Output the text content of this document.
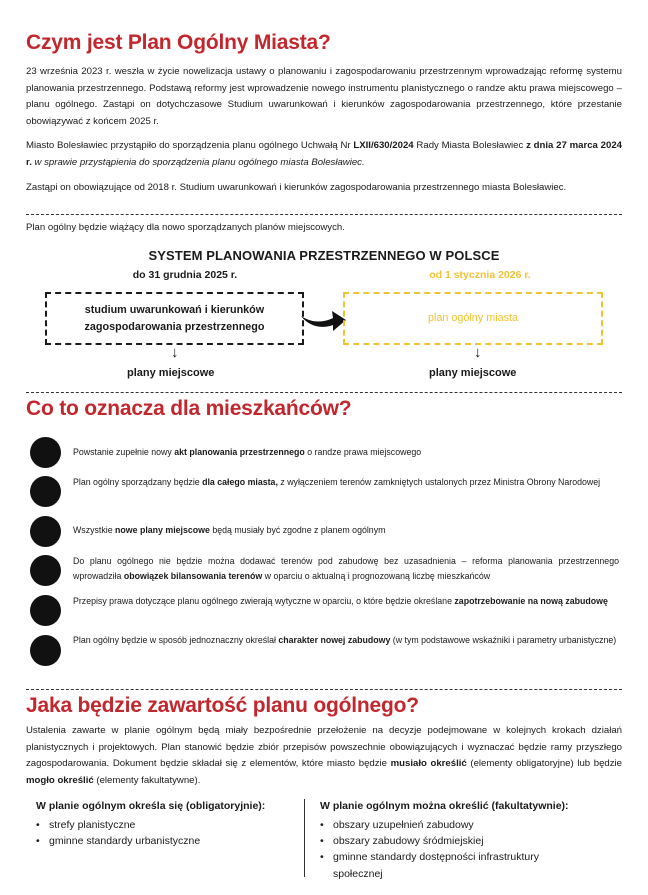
Czym jest Plan Ogólny Miasta?
23 września 2023 r. weszła w życie nowelizacja ustawy o planowaniu i zagospodarowaniu przestrzennym wprowadzając reformę systemu planowania przestrzennego. Podstawą reformy jest wprowadzenie nowego instrumentu planistycznego o randze aktu prawa miejscowego – planu ogólnego. Zastąpi on dotychczasowe Studium uwarunkowań i kierunków zagospodarowania przestrzennego, które przestanie obowiązywać z końcem 2025 r.
Miasto Bolesławiec przystąpiło do sporządzenia planu ogólnego Uchwałą Nr LXII/630/2024 Rady Miasta Bolesławiec z dnia 27 marca 2024 r. w sprawie przystąpienia do sporządzenia planu ogólnego miasta Bolesławiec.
Zastąpi on obowiązujące od 2018 r. Studium uwarunkowań i kierunków zagospodarowania przestrzennego miasta Bolesławiec.
Plan ogólny będzie wiążący dla nowo sporządzanych planów miejscowych.
SYSTEM PLANOWANIA PRZESTRZENNEGO W POLSCE
do 31 grudnia 2025 r.	od 1 stycznia 2026 r.
studium uwarunkowań i kierunków
zagospodarowania przestrzennego
plan ogólny miasta
↓	↓
plany miejscowe	plany miejscowe
Co to oznacza dla mieszkańców?
Powstanie zupełnie nowy akt planowania przestrzennego o randze prawa miejscowego
Plan ogólny sporządzany będzie dla całego miasta, z wyłączeniem terenów zamkniętych ustalonych przez Ministra Obrony Narodowej
Wszystkie nowe plany miejscowe będą musiały być zgodne z planem ogólnym
Do planu ogólnego nie będzie można dodawać terenów pod zabudowę bez uzasadnienia – reforma planowania przestrzennego wprowadziła obowiązek bilansowania terenów w oparciu o aktualną i prognozowaną liczbę mieszkańców
Przepisy prawa dotyczące planu ogólnego zwierają wytyczne w oparciu, o które będzie określane zapotrzebowanie na nową zabudowę
Plan ogólny będzie w sposób jednoznaczny określał charakter nowej zabudowy (w tym podstawowe wskaźniki i parametry urbanistyczne)
Jaka będzie zawartość planu ogólnego?
Ustalenia zawarte w planie ogólnym będą miały bezpośrednie przełożenie na decyzje podejmowane w kolejnych krokach działań planistycznych i projektowych. Plan stanowić będzie zbiór przepisów powszechnie obowiązujących i wyznaczać będzie ramy przyszłego zagospodarowania. Dokument będzie składał się z elementów, które miasto będzie musiało określić (elementy obligatoryjne) lub będzie mogło określić (elementy fakultatywne).
W planie ogólnym określa się (obligatoryjnie):
• strefy planistyczne
• gminne standardy urbanistyczne
W planie ogólnym można określić (fakultatywnie):
• obszary uzupełnień zabudowy
• obszary zabudowy śródmiejskiej
• gminne standardy dostępności infrastruktury społecznej
